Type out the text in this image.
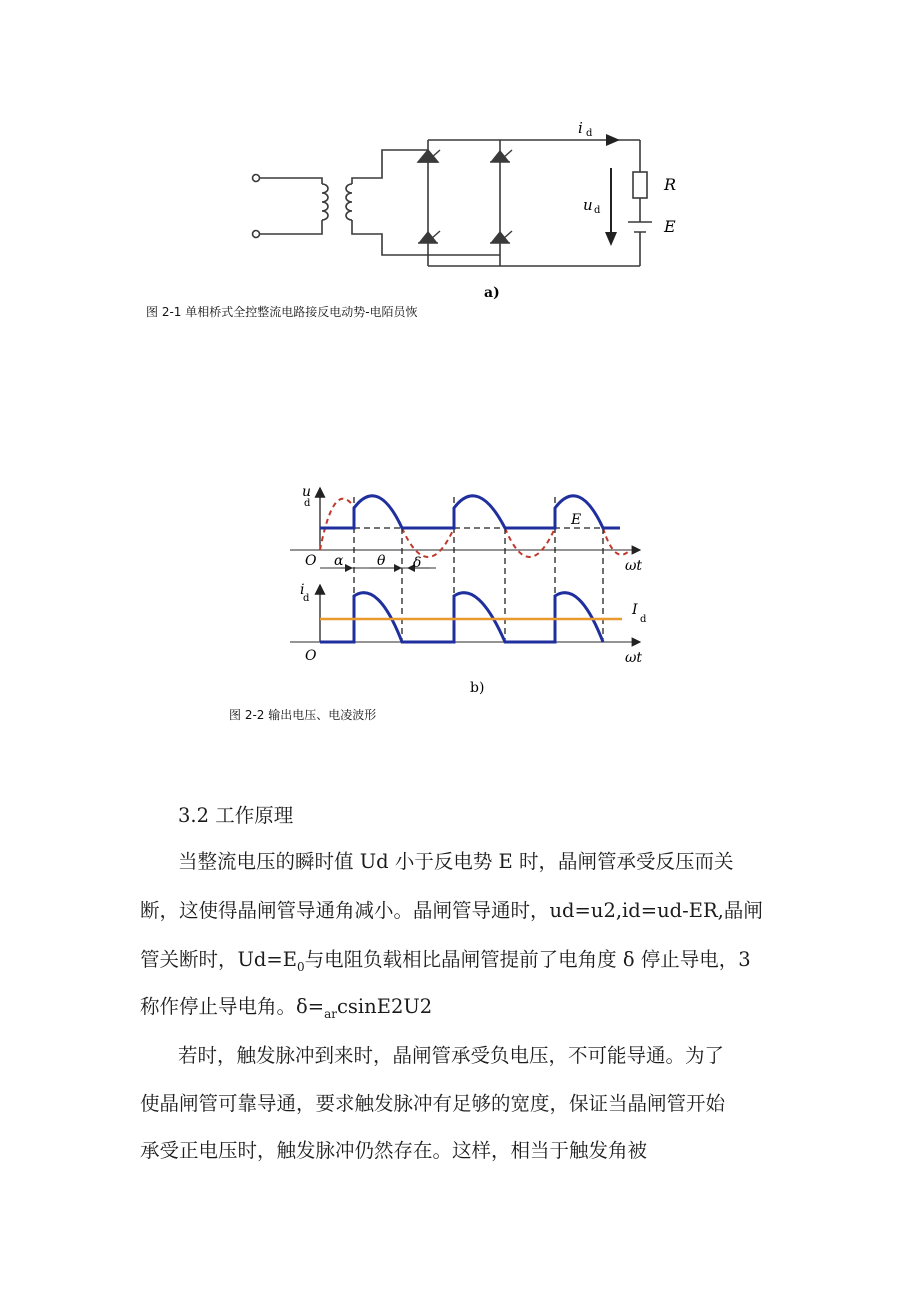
i d
u d
R
E
a)
图 2-1 单相桥式全控整流电路接反电动势-电陌员恢
u
d
i
d
O
O
α θ δ	ωt
ωt
E
I
d
b)
图 2-2 输出电压、电凌波形
3.2 工作原理
当整流电压的瞬时值 Ud 小于反电势 E 时，晶闸管承受反压而关
断，这使得晶闸管导通角减小。晶闸管导通时，ud=u2,id=ud-ER,晶闸
管关断时，$Ud=E_0$与电阻负载相比晶闸管提前了电角度 δ 停止导电，3
称作停止导电角。$\delta=_{ar}csinE2U2$
若时，触发脉冲到来时，晶闸管承受负电压，不可能导通。为了
使晶闸管可靠导通，要求触发脉冲有足够的宽度，保证当晶闸管开始
承受正电压时，触发脉冲仍然存在。这样，相当于触发角被
